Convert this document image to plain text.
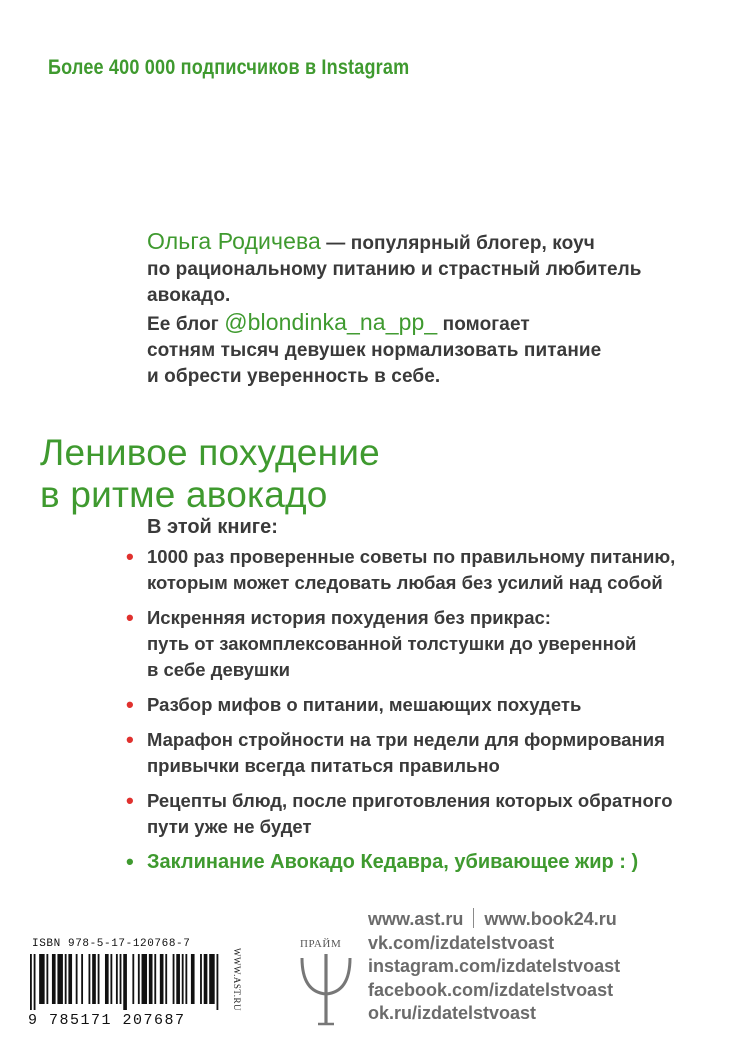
Более 400 000 подписчиков в Instagram
Ольга Родичева — популярный блогер, коуч
по рациональному питанию и страстный любитель
авокадо.
Ее блог @blondinka_na_pp_ помогает
сотням тысяч девушек нормализовать питание
и обрести уверенность в себе.
Ленивое похудение
в ритме авокадо
В этой книге:
• 1000 раз проверенные советы по правильному питанию,
которым может следовать любая без усилий над собой
• Искренняя история похудения без прикрас:
путь от закомплексованной толстушки до уверенной
в себе девушки
• Разбор мифов о питании, мешающих похудеть
• Марафон стройности на три недели для формирования
привычки всегда питаться правильно
• Рецепты блюд, после приготовления которых обратного
пути уже не будет
• Заклинание Авокадо Кедавра, убивающее жир : )
ISBN 978-5-17-120768-7
9 785171 207687
WWW.AST.RU
ПРАЙМ
www.ast.ru www.book24.ru
vk.com/izdatelstvoast
instagram.com/izdatelstvoast
facebook.com/izdatelstvoast
ok.ru/izdatelstvoast
